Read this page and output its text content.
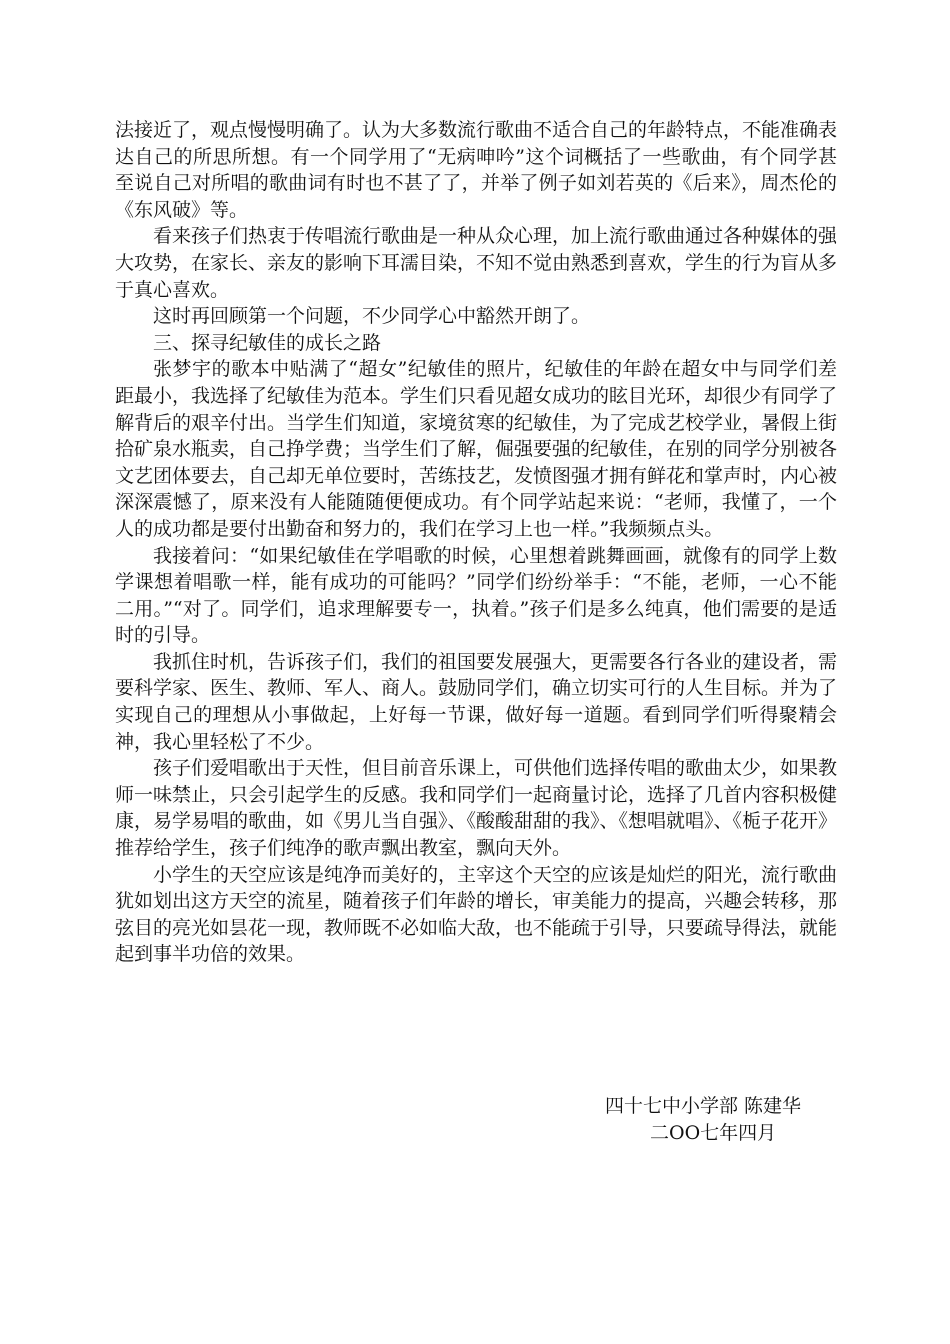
法接近了，观点慢慢明确了。认为大多数流行歌曲不适合自己的年龄特点，不能准确表达自己的所思所想。有一个同学用了“无病呻吟”这个词概括了一些歌曲，有个同学甚至说自己对所唱的歌曲词有时也不甚了了，并举了例子如刘若英的《后来》，周杰伦的《东风破》等。

看来孩子们热衷于传唱流行歌曲是一种从众心理，加上流行歌曲通过各种媒体的强大攻势，在家长、亲友的影响下耳濡目染，不知不觉由熟悉到喜欢，学生的行为盲从多于真心喜欢。

这时再回顾第一个问题，不少同学心中豁然开朗了。

三、探寻纪敏佳的成长之路

张梦宇的歌本中贴满了“超女”纪敏佳的照片，纪敏佳的年龄在超女中与同学们差距最小，我选择了纪敏佳为范本。学生们只看见超女成功的眩目光环，却很少有同学了解背后的艰辛付出。当学生们知道，家境贫寒的纪敏佳，为了完成艺校学业，暑假上街拾矿泉水瓶卖，自己挣学费；当学生们了解，倔强要强的纪敏佳，在别的同学分别被各文艺团体要去，自己却无单位要时，苦练技艺，发愤图强才拥有鲜花和掌声时，内心被深深震憾了，原来没有人能随随便便成功。有个同学站起来说：“老师，我懂了，一个人的成功都是要付出勤奋和努力的，我们在学习上也一样。”我频频点头。

我接着问：“如果纪敏佳在学唱歌的时候，心里想着跳舞画画，就像有的同学上数学课想着唱歌一样，能有成功的可能吗？”同学们纷纷举手：“不能，老师，一心不能二用。”“对了。同学们，追求理解要专一，执着。”孩子们是多么纯真，他们需要的是适时的引导。

我抓住时机，告诉孩子们，我们的祖国要发展强大，更需要各行各业的建设者，需要科学家、医生、教师、军人、商人。鼓励同学们，确立切实可行的人生目标。并为了实现自己的理想从小事做起，上好每一节课，做好每一道题。看到同学们听得聚精会神，我心里轻松了不少。

孩子们爱唱歌出于天性，但目前音乐课上，可供他们选择传唱的歌曲太少，如果教师一味禁止，只会引起学生的反感。我和同学们一起商量讨论，选择了几首内容积极健康，易学易唱的歌曲，如《男儿当自强》、《酸酸甜甜的我》、《想唱就唱》、《栀子花开》推荐给学生，孩子们纯净的歌声飘出教室，飘向天外。

小学生的天空应该是纯净而美好的，主宰这个天空的应该是灿烂的阳光，流行歌曲犹如划出这方天空的流星，随着孩子们年龄的增长，审美能力的提高，兴趣会转移，那弦目的亮光如昙花一现，教师既不必如临大敌，也不能疏于引导，只要疏导得法，就能起到事半功倍的效果。

四十七中小学部 陈建华
二OO七年四月
